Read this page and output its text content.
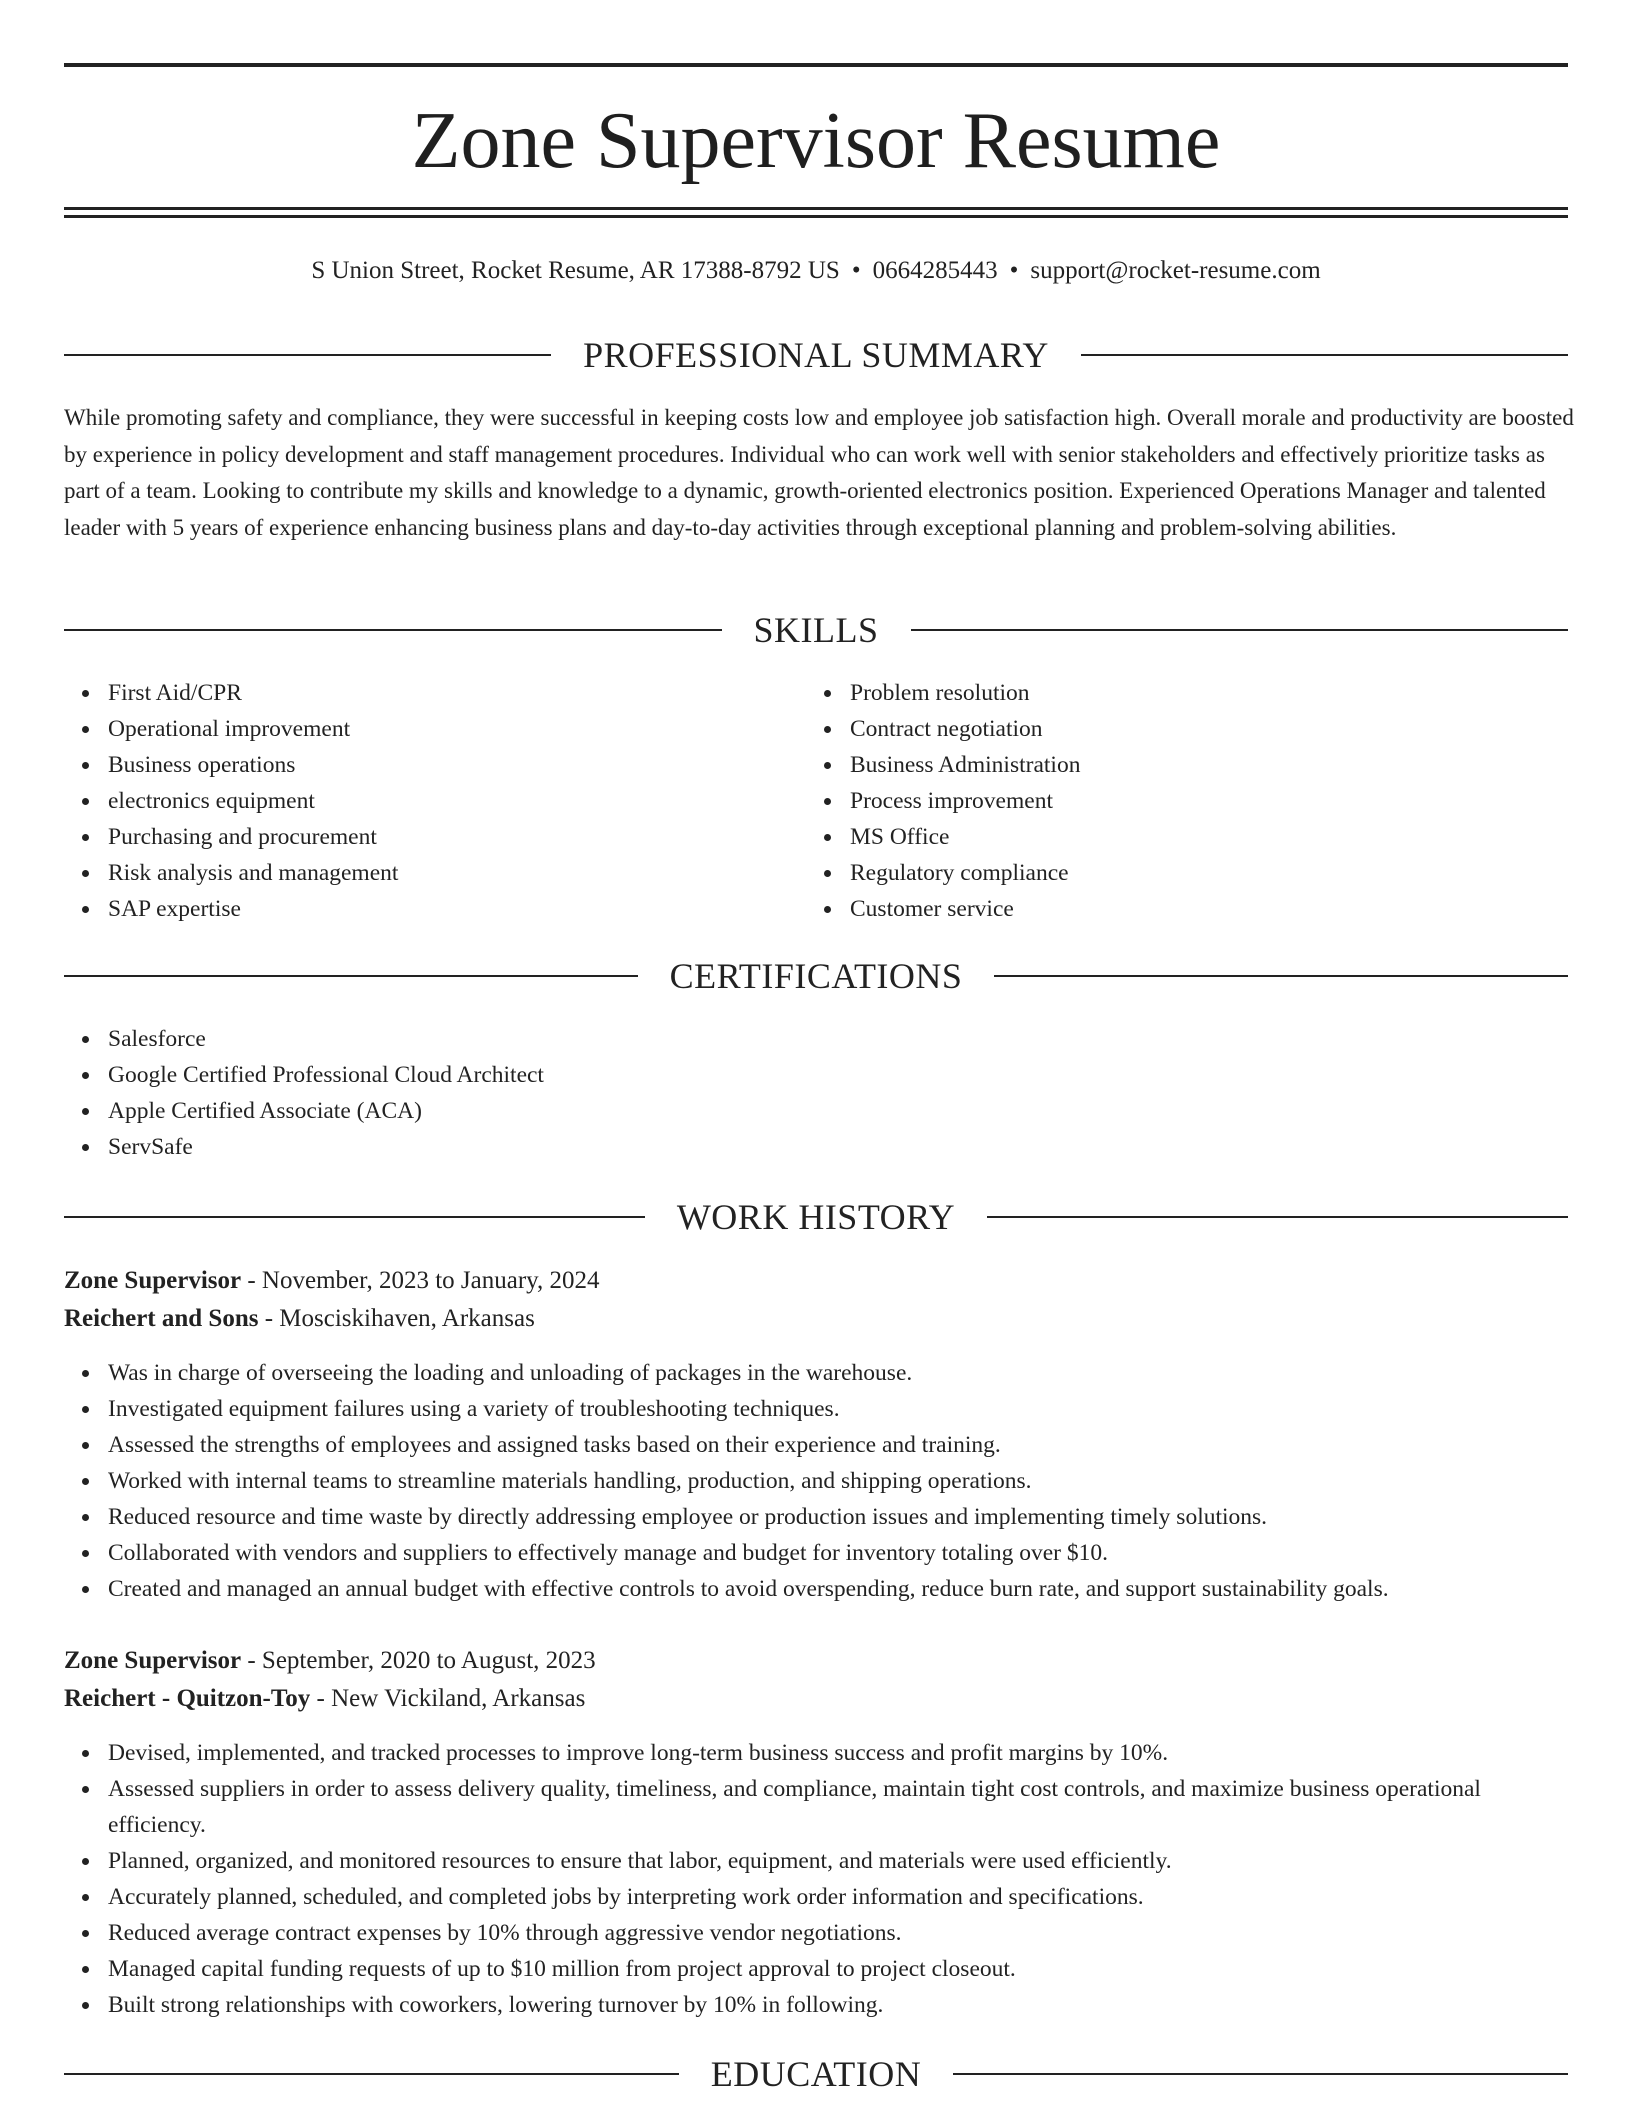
Zone Supervisor Resume
S Union Street, Rocket Resume, AR 17388-8792 US • 0664285443 • support@rocket-resume.com
PROFESSIONAL SUMMARY

While promoting safety and compliance, they were successful in keeping costs low and employee job satisfaction high. Overall morale and productivity are boosted by experience in policy development and staff management procedures. Individual who can work well with senior stakeholders and effectively prioritize tasks as part of a team. Looking to contribute my skills and knowledge to a dynamic, growth-oriented electronics position. Experienced Operations Manager and talented leader with 5 years of experience enhancing business plans and day-to-day activities through exceptional planning and problem-solving abilities.

SKILLS
First Aid/CPR
Operational improvement
Business operations
electronics equipment
Purchasing and procurement
Risk analysis and management
SAP expertise
Problem resolution
Contract negotiation
Business Administration
Process improvement
MS Office
Regulatory compliance
Customer service
CERTIFICATIONS
Salesforce
Google Certified Professional Cloud Architect
Apple Certified Associate (ACA)
ServSafe
WORK HISTORY
Zone Supervisor - November, 2023 to January, 2024
Reichert and Sons - Mosciskihaven, Arkansas
Was in charge of overseeing the loading and unloading of packages in the warehouse.
Investigated equipment failures using a variety of troubleshooting techniques.
Assessed the strengths of employees and assigned tasks based on their experience and training.
Worked with internal teams to streamline materials handling, production, and shipping operations.
Reduced resource and time waste by directly addressing employee or production issues and implementing timely solutions.
Collaborated with vendors and suppliers to effectively manage and budget for inventory totaling over $10.
Created and managed an annual budget with effective controls to avoid overspending, reduce burn rate, and support sustainability goals.
Zone Supervisor - September, 2020 to August, 2023
Reichert - Quitzon-Toy - New Vickiland, Arkansas
Devised, implemented, and tracked processes to improve long-term business success and profit margins by 10%.
Assessed suppliers in order to assess delivery quality, timeliness, and compliance, maintain tight cost controls, and maximize business operational efficiency.
Planned, organized, and monitored resources to ensure that labor, equipment, and materials were used efficiently.
Accurately planned, scheduled, and completed jobs by interpreting work order information and specifications.
Reduced average contract expenses by 10% through aggressive vendor negotiations.
Managed capital funding requests of up to $10 million from project approval to project closeout.
Built strong relationships with coworkers, lowering turnover by 10% in following.
EDUCATION
